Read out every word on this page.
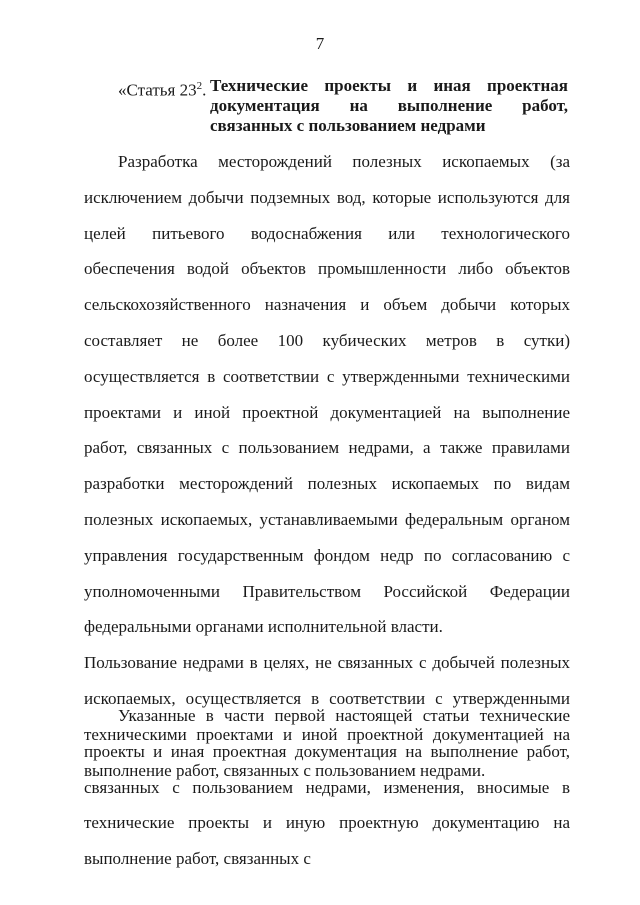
7
«Статья $23^2$. Технические проекты и иная проектная документация на выполнение работ, связанных с пользованием недрами

Разработка месторождений полезных ископаемых (за исключением добычи подземных вод, которые используются для целей питьевого водоснабжения или технологического обеспечения водой объектов промышленности либо объектов сельскохозяйственного назначения и объем добычи которых составляет не более 100 кубических метров в сутки) осуществляется в соответствии с утвержденными техническими проектами и иной проектной документацией на выполнение работ, связанных с пользованием недрами, а также правилами разработки месторождений полезных ископаемых по видам полезных ископаемых, устанавливаемыми федеральным органом управления государственным фондом недр по согласованию с уполномоченными Правительством Российской Федерации федеральными органами исполнительной власти.

Пользование недрами в целях, не связанных с добычей полезных ископаемых, осуществляется в соответствии с утвержденными техническими проектами и иной проектной документацией на выполнение работ, связанных с пользованием недрами.

Указанные в части первой настоящей статьи технические проекты и иная проектная документация на выполнение работ, связанных с пользованием недрами, изменения, вносимые в технические проекты и иную проектную документацию на выполнение работ, связанных с
